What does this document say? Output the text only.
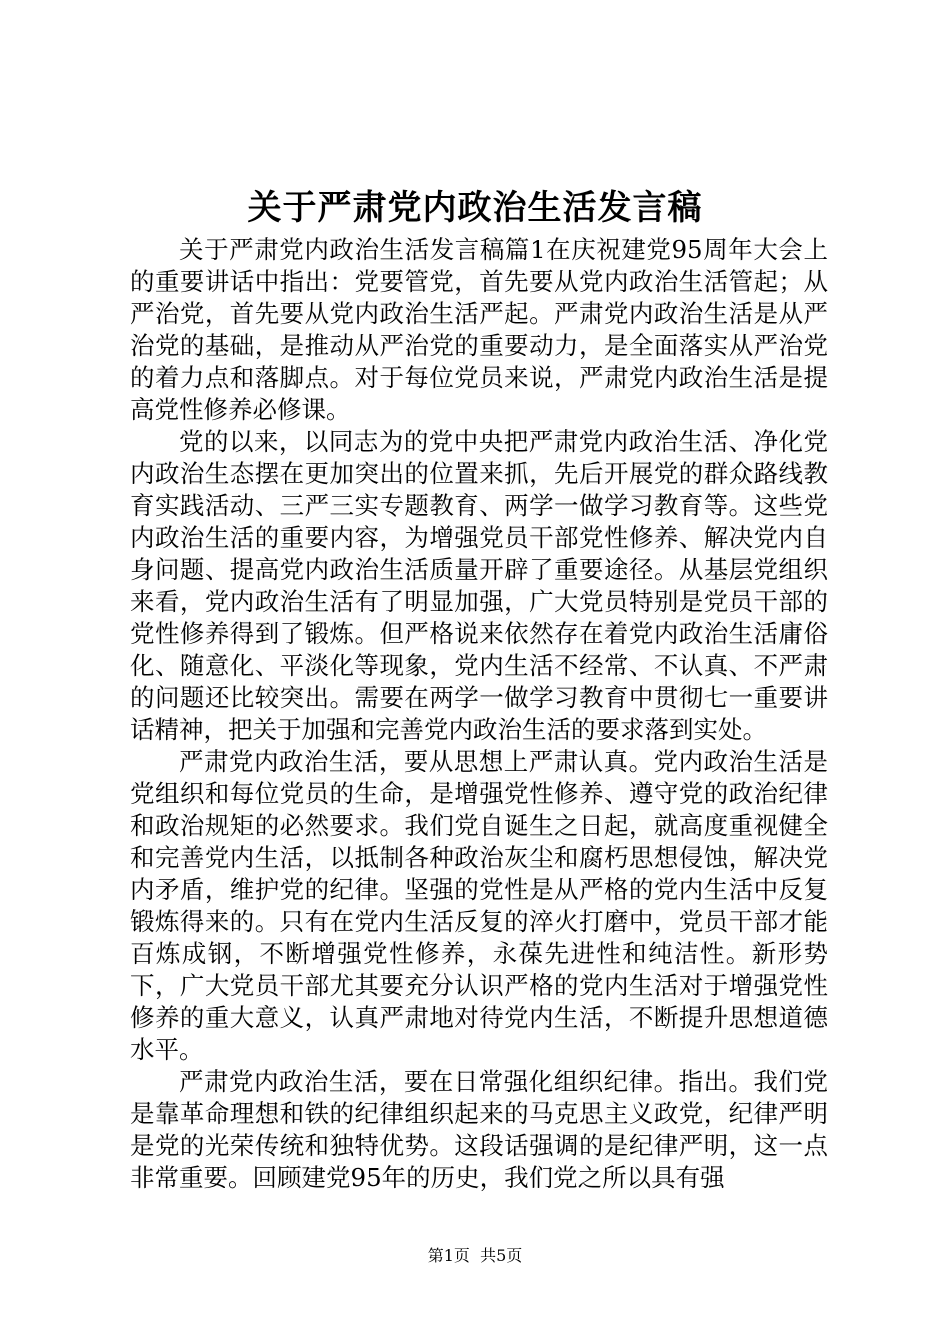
关于严肃党内政治生活发言稿

关于严肃党内政治生活发言稿篇1在庆祝建党95周年大会上的重要讲话中指出：党要管党，首先要从党内政治生活管起；从严治党，首先要从党内政治生活严起。严肃党内政治生活是从严治党的基础，是推动从严治党的重要动力，是全面落实从严治党的着力点和落脚点。对于每位党员来说，严肃党内政治生活是提高党性修养必修课。

党的以来，以同志为的党中央把严肃党内政治生活、净化党内政治生态摆在更加突出的位置来抓，先后开展党的群众路线教育实践活动、三严三实专题教育、两学一做学习教育等。这些党内政治生活的重要内容，为增强党员干部党性修养、解决党内自身问题、提高党内政治生活质量开辟了重要途径。从基层党组织来看，党内政治生活有了明显加强，广大党员特别是党员干部的党性修养得到了锻炼。但严格说来依然存在着党内政治生活庸俗化、随意化、平淡化等现象，党内生活不经常、不认真、不严肃的问题还比较突出。需要在两学一做学习教育中贯彻七一重要讲话精神，把关于加强和完善党内政治生活的要求落到实处。

严肃党内政治生活，要从思想上严肃认真。党内政治生活是党组织和每位党员的生命，是增强党性修养、遵守党的政治纪律和政治规矩的必然要求。我们党自诞生之日起，就高度重视健全和完善党内生活，以抵制各种政治灰尘和腐朽思想侵蚀，解决党内矛盾，维护党的纪律。坚强的党性是从严格的党内生活中反复锻炼得来的。只有在党内生活反复的淬火打磨中，党员干部才能百炼成钢，不断增强党性修养，永葆先进性和纯洁性。新形势下，广大党员干部尤其要充分认识严格的党内生活对于增强党性修养的重大意义，认真严肃地对待党内生活，不断提升思想道德水平。

严肃党内政治生活，要在日常强化组织纪律。指出。我们党是靠革命理想和铁的纪律组织起来的马克思主义政党，纪律严明是党的光荣传统和独特优势。这段话强调的是纪律严明，这一点非常重要。回顾建党95年的历史，我们党之所以具有强

第1页  共5页
